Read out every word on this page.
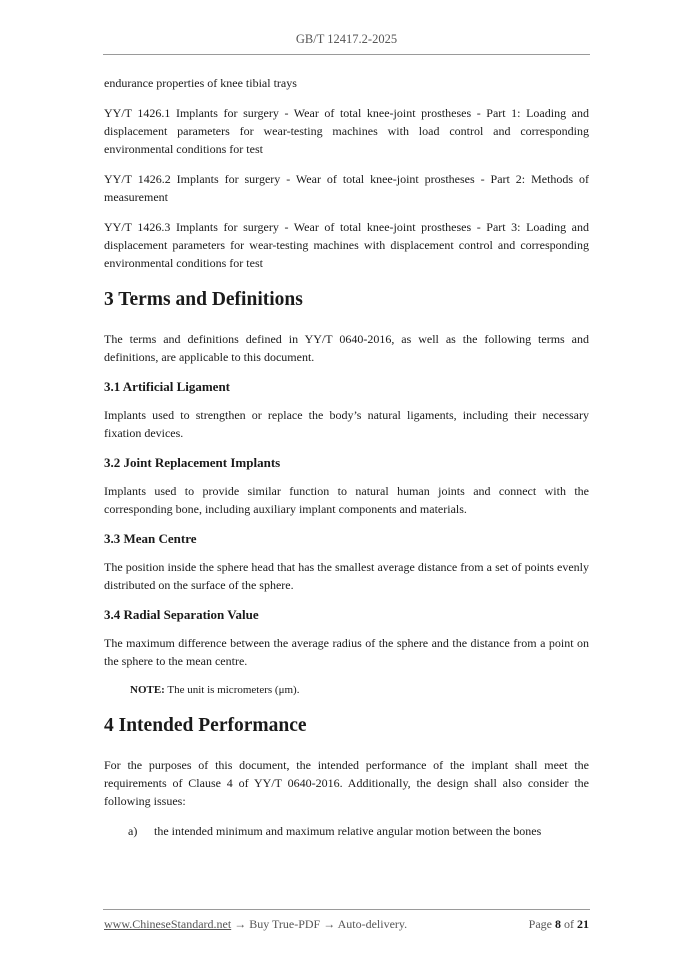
GB/T 12417.2-2025

endurance properties of knee tibial trays

YY/T 1426.1 Implants for surgery - Wear of total knee-joint prostheses - Part 1: Loading and displacement parameters for wear-testing machines with load control and corresponding environmental conditions for test

YY/T 1426.2 Implants for surgery - Wear of total knee-joint prostheses - Part 2: Methods of measurement

YY/T 1426.3 Implants for surgery - Wear of total knee-joint prostheses - Part 3: Loading and displacement parameters for wear-testing machines with displacement control and corresponding environmental conditions for test

3 Terms and Definitions

The terms and definitions defined in YY/T 0640-2016, as well as the following terms and definitions, are applicable to this document.

3.1 Artificial Ligament

Implants used to strengthen or replace the body’s natural ligaments, including their necessary fixation devices.

3.2 Joint Replacement Implants

Implants used to provide similar function to natural human joints and connect with the corresponding bone, including auxiliary implant components and materials.

3.3 Mean Centre

The position inside the sphere head that has the smallest average distance from a set of points evenly distributed on the surface of the sphere.

3.4 Radial Separation Value

The maximum difference between the average radius of the sphere and the distance from a point on the sphere to the mean centre.

NOTE: The unit is micrometers (μm).
4 Intended Performance

For the purposes of this document, the intended performance of the implant shall meet the requirements of Clause 4 of YY/T 0640-2016. Additionally, the design shall also consider the following issues:

a)	the intended minimum and maximum relative angular motion between the bones
www.ChineseStandard.net → Buy True-PDF → Auto-delivery.	Page 8 of 21
